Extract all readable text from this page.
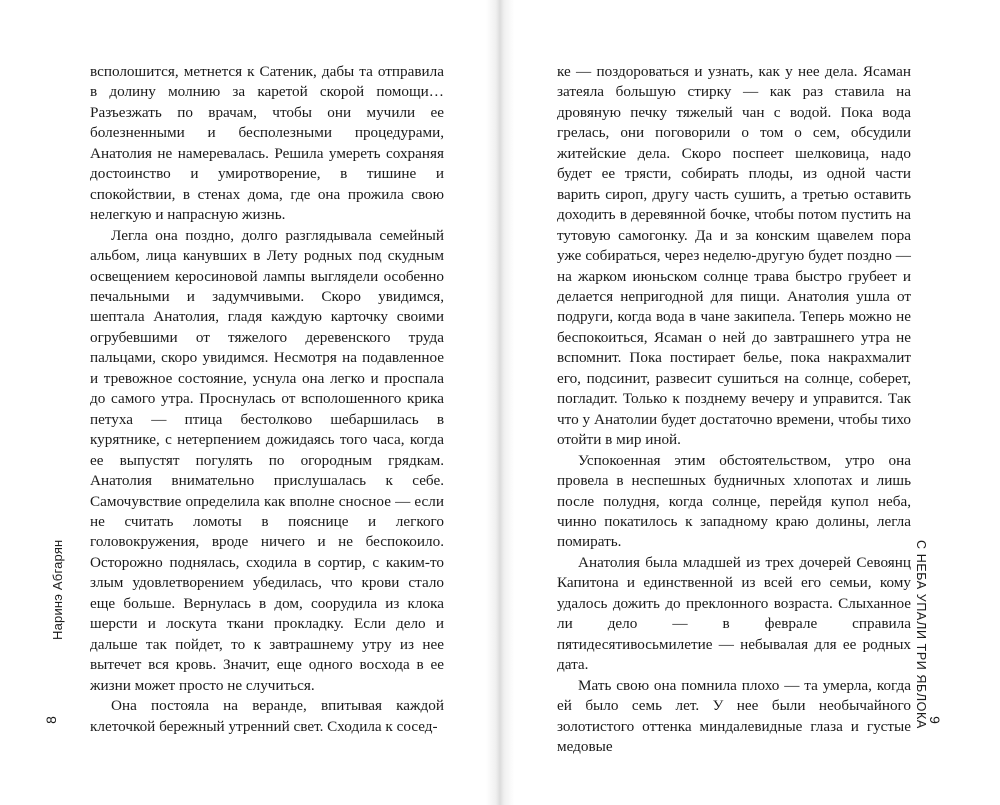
всполошится, метнется к Сатеник, дабы та отправила в долину молнию за каретой скорой помощи… Разъезжать по врачам, чтобы они мучили ее болезненными и бесполезными процедурами, Анатолия не намеревалась. Решила умереть сохраняя достоинство и умиротворение, в тишине и спокойствии, в стенах дома, где она прожила свою нелегкую и напрасную жизнь.

Легла она поздно, долго разглядывала семейный альбом, лица канувших в Лету родных под скудным освещением керосиновой лампы выглядели особенно печальными и задумчивыми. Скоро увидимся, шептала Анатолия, гладя каждую карточку своими огрубевшими от тяжелого деревенского труда пальцами, скоро увидимся. Несмотря на подавленное и тревожное состояние, уснула она легко и проспала до самого утра. Проснулась от всполошенного крика петуха — птица бестолково шебаршилась в курятнике, с нетерпением дожидаясь того часа, когда ее выпустят погулять по огородным грядкам. Анатолия внимательно прислушалась к себе. Самочувствие определила как вполне сносное — если не считать ломоты в пояснице и легкого головокружения, вроде ничего и не беспокоило. Осторожно поднялась, сходила в сортир, с каким-то злым удовлетворением убедилась, что крови стало еще больше. Вернулась в дом, соорудила из клока шерсти и лоскута ткани прокладку. Если дело и дальше так пойдет, то к завтрашнему утру из нее вытечет вся кровь. Значит, еще одного восхода в ее жизни может просто не случиться.

Она постояла на веранде, впитывая каждой клеточкой бережный утренний свет. Сходила к сосед-

Наринэ Абгарян
8

ке — поздороваться и узнать, как у нее дела. Ясаман затеяла большую стирку — как раз ставила на дровяную печку тяжелый чан с водой. Пока вода грелась, они поговорили о том о сем, обсудили житейские дела. Скоро поспеет шелковица, надо будет ее трясти, собирать плоды, из одной части варить сироп, другу часть сушить, а третью оставить доходить в деревянной бочке, чтобы потом пустить на тутовую самогонку. Да и за конским щавелем пора уже собираться, через неделю-другую будет поздно — на жарком июньском солнце трава быстро грубеет и делается непригодной для пищи. Анатолия ушла от подруги, когда вода в чане закипела. Теперь можно не беспокоиться, Ясаман о ней до завтрашнего утра не вспомнит. Пока постирает белье, пока накрахмалит его, подсинит, развесит сушиться на солнце, соберет, погладит. Только к позднему вечеру и управится. Так что у Анатолии будет достаточно времени, чтобы тихо отойти в мир иной.

Успокоенная этим обстоятельством, утро она провела в неспешных будничных хлопотах и лишь после полудня, когда солнце, перейдя купол неба, чинно покатилось к западному краю долины, легла помирать.

Анатолия была младшей из трех дочерей Севоянц Капитона и единственной из всей его семьи, кому удалось дожить до преклонного возраста. Слыханное ли дело — в феврале справила пятидесятивосьмилетие — небывалая для ее родных дата.

Мать свою она помнила плохо — та умерла, когда ей было семь лет. У нее были необычайного золотистого оттенка миндалевидные глаза и густые медовые

С НЕБА УПАЛИ ТРИ ЯБЛОКА
9
